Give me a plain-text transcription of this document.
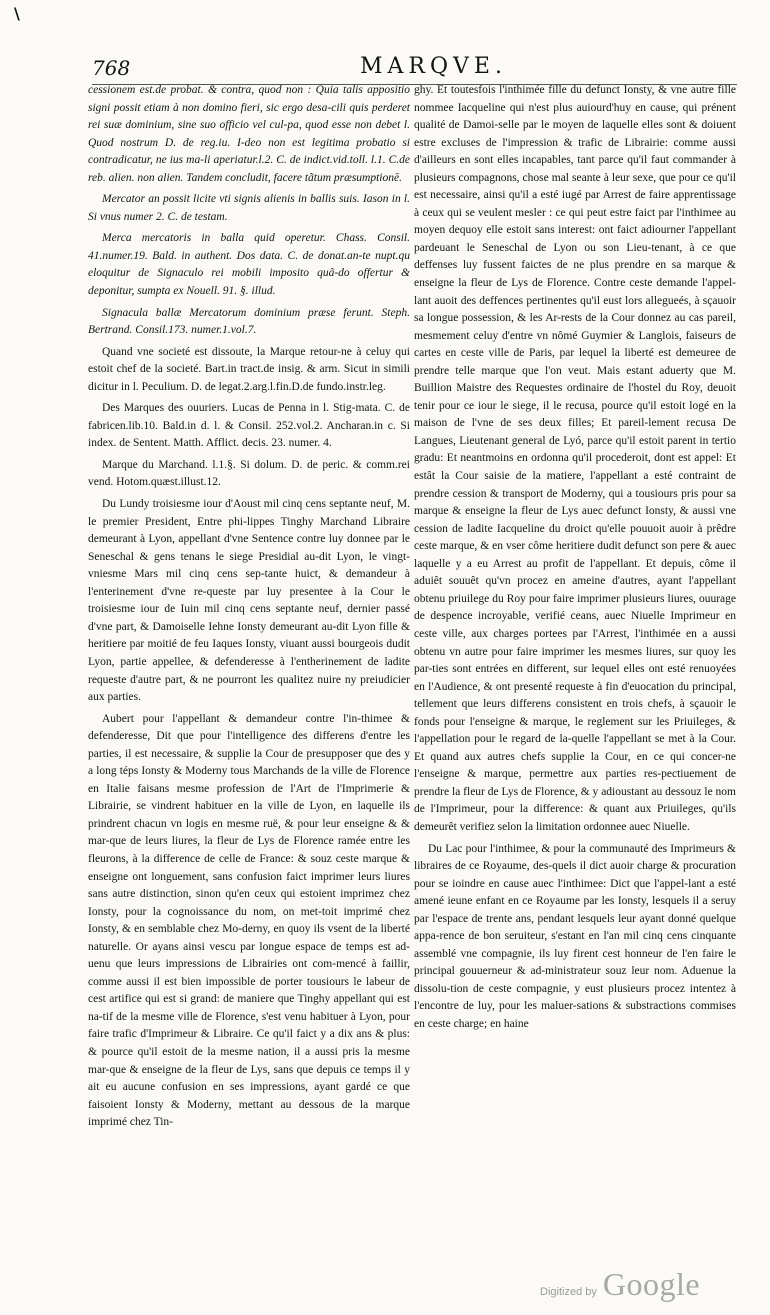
\
768	MARQVE.

cessionem est.de probat. & contra, quod non : Quia talis appositio signi possit etiam à non domino fieri, sic ergo desa-cili quis perderet rei suæ dominium, sine suo officio vel cul-pa, quod esse non debet l. Quod nostrum D. de reg.iu. I-deo non est legitima probatio si contradicatur, ne ius ma-li aperiatur.l.2. C. de indict.vid.toll. l.1. C.de reb. alien. non alien. Tandem concludit, facere tãtum præsumptionē.

Mercator an possit licite vti signis alienis in ballis suis. Iason in l. Si vnus numer 2. C. de testam.

Merca mercatoris in balla quid operetur. Chass. Consil. 41.numer.19. Bald. in authent. Dos data. C. de donat.an-te nupt.qu eloquitur de Signaculo rei mobili imposito quâ-do offertur & deponitur, sumpta ex Nouell. 91. §. illud.

Signacula ballæ Mercatorum dominium præse ferunt. Steph. Bertrand. Consil.173. numer.1.vol.7.

Quand vne societé est dissoute, la Marque retour-ne à celuy qui estoit chef de la societé. Bart.in tract.de insig. & arm. Sicut in simili dicitur in l. Peculium. D. de legat.2.arg.l.fin.D.de fundo.instr.leg.

Des Marques des ouuriers. Lucas de Penna in l. Stig-mata. C. de fabricen.lib.10. Bald.in d. l. & Consil. 252.vol.2. Ancharan.in c. Si index. de Sentent. Matth. Afflict. decis. 23. numer. 4.

Marque du Marchand. l.1.§. Si dolum. D. de peric. & comm.rei vend. Hotom.quæst.illust.12.

Du Lundy troisiesme iour d'Aoust mil cinq cens septante neuf, M. le premier President, Entre phi-lippes Tinghy Marchand Libraire demeurant à Lyon, appellant d'vne Sentence contre luy donnee par le Seneschal & gens tenans le siege Presidial au-dit Lyon, le vingt-vniesme Mars mil cinq cens sep-tante huict, & demandeur à l'enterinement d'vne re-queste par luy presentee à la Cour le troisiesme iour de Iuin mil cinq cens septante neuf, dernier passé d'vne part, & Damoiselle Iehne Ionsty demeurant au-dit Lyon fille & heritiere par moitié de feu Iaques Ionsty, viuant aussi bourgeois dudit Lyon, partie appellee, & defenderesse à l'entherinement de ladite requeste d'autre part, & ne pourront les qualitez nuire ny preiudicier aux parties.

Aubert pour l'appellant & demandeur contre l'in-thimee & defenderesse, Dit que pour l'intelligence des differens d'entre les parties, il est necessaire, & supplie la Cour de presupposer que des y a long téps Ionsty & Moderny tous Marchands de la ville de Florence en Italie faisans mesme profession de l'Art de l'Imprimerie & Librairie, se vindrent habituer en la ville de Lyon, en laquelle ils prindrent chacun vn logis en mesme ruë, & pour leur enseigne & & mar-que de leurs liures, la fleur de Lys de Florence ramée entre les fleurons, à la difference de celle de France: & souz ceste marque & enseigne ont longuement, sans confusion faict imprimer leurs liures sans autre distinction, sinon qu'en ceux qui estoient imprimez chez Ionsty, pour la cognoissance du nom, on met-toit imprimé chez Ionsty, & en semblable chez Mo-derny, en quoy ils vsent de la liberté naturelle. Or ayans ainsi vescu par longue espace de temps est ad-uenu que leurs impressions de Librairies ont com-mencé à faillir, comme aussi il est bien impossible de porter tousiours le labeur de cest artifice qui est si grand: de maniere que Tinghy appellant qui est na-tif de la mesme ville de Florence, s'est venu habituer à Lyon, pour faire trafic d'Imprimeur & Libraire. Ce qu'il faict y a dix ans & plus: & pource qu'il estoit de la mesme nation, il a aussi pris la mesme mar-que & enseigne de la fleur de Lys, sans que depuis ce temps il y ait eu aucune confusion en ses impressions, ayant gardé ce que faisoient Ionsty & Moderny, mettant au dessous de la marque imprimé chez Tin-

ghy. Et toutesfois l'inthimée fille du defunct Ionsty, & vne autre fille nommee Iacqueline qui n'est plus auiourd'huy en cause, qui prénent qualité de Damoi-selle par le moyen de laquelle elles sont & doiuent estre excluses de l'impression & trafic de Librairie: comme aussi d'ailleurs en sont elles incapables, tant parce qu'il faut commander à plusieurs compagnons, chose mal seante à leur sexe, que pour ce qu'il est necessaire, ainsi qu'il a esté iugé par Arrest de faire apprentissage à ceux qui se veulent mesler : ce qui peut estre faict par l'inthimee au moyen dequoy elle estoit sans interest: ont faict adiourner l'appellant pardeuant le Seneschal de Lyon ou son Lieu-tenant, à ce que deffenses luy fussent faictes de ne plus prendre en sa marque & enseigne la fleur de Lys de Florence. Contre ceste demande l'appel-lant auoit des deffences pertinentes qu'il eust lors allegueés, à sçauoir sa longue possession, & les Ar-rests de la Cour donnez au cas pareil, mesmement celuy d'entre vn nômé Guymier & Langlois, faiseurs de cartes en ceste ville de Paris, par lequel la liberté est demeuree de prendre telle marque que l'on veut. Mais estant aduerty que M. Buillion Maistre des Requestes ordinaire de l'hostel du Roy, deuoit tenir pour ce iour le siege, il le recusa, pource qu'il estoit logé en la maison de l'vne de ses deux filles; Et pareil-lement recusa De Langues, Lieutenant general de Lyó, parce qu'il estoit parent in tertio gradu: Et neantmoins en ordonna qu'il procederoit, dont est appel: Et estât la Cour saisie de la matiere, l'appellant a esté contraint de prendre cession & transport de Moderny, qui a tousiours pris pour sa marque & enseigne la fleur de Lys auec defunct Ionsty, & aussi vne cession de ladite Iacqueline du droict qu'elle pouuoit auoir à prêdre ceste marque, & en vser côme heritiere dudit defunct son pere & auec laquelle y a eu Arrest au profit de l'appellant. Et depuis, côme il aduiêt souuêt qu'vn procez en ameine d'autres, ayant l'appellant obtenu priuilege du Roy pour faire imprimer plusieurs liures, ouurage de despence incroyable, verifié ceans, auec Niuelle Imprimeur en ceste ville, aux charges portees par l'Arrest, l'inthimée en a aussi obtenu vn autre pour faire imprimer les mesmes liures, sur quoy les par-ties sont entrées en different, sur lequel elles ont esté renuoyées en l'Audience, & ont presenté requeste à fin d'euocation du principal, tellement que leurs differens consistent en trois chefs, à sçauoir le fonds pour l'enseigne & marque, le reglement sur les Priuileges, & l'appellation pour le regard de la-quelle l'appellant se met à la Cour. Et quand aux autres chefs supplie la Cour, en ce qui concer-ne l'enseigne & marque, permettre aux parties res-pectiuement de prendre la fleur de Lys de Florence, & y adioustant au dessouz le nom de l'Imprimeur, pour la difference: & quant aux Priuileges, qu'ils demeurêt verifiez selon la limitation ordonnee auec Niuelle.

Du Lac pour l'inthimee, & pour la communauté des Imprimeurs & libraires de ce Royaume, des-quels il dict auoir charge & procuration pour se ioindre en cause auec l'inthimee: Dict que l'appel-lant a esté amené ieune enfant en ce Royaume par les Ionsty, lesquels il a seruy par l'espace de trente ans, pendant lesquels leur ayant donné quelque appa-rence de bon seruiteur, s'estant en l'an mil cinq cens cinquante assemblé vne compagnie, ils luy firent cest honneur de l'en faire le principal gouuerneur & ad-ministrateur souz leur nom. Aduenue la dissolu-tion de ceste compagnie, y eust plusieurs procez intentez à l'encontre de luy, pour les maluer-sations & substractions commises en ceste charge; en haine

Digitized by Google
